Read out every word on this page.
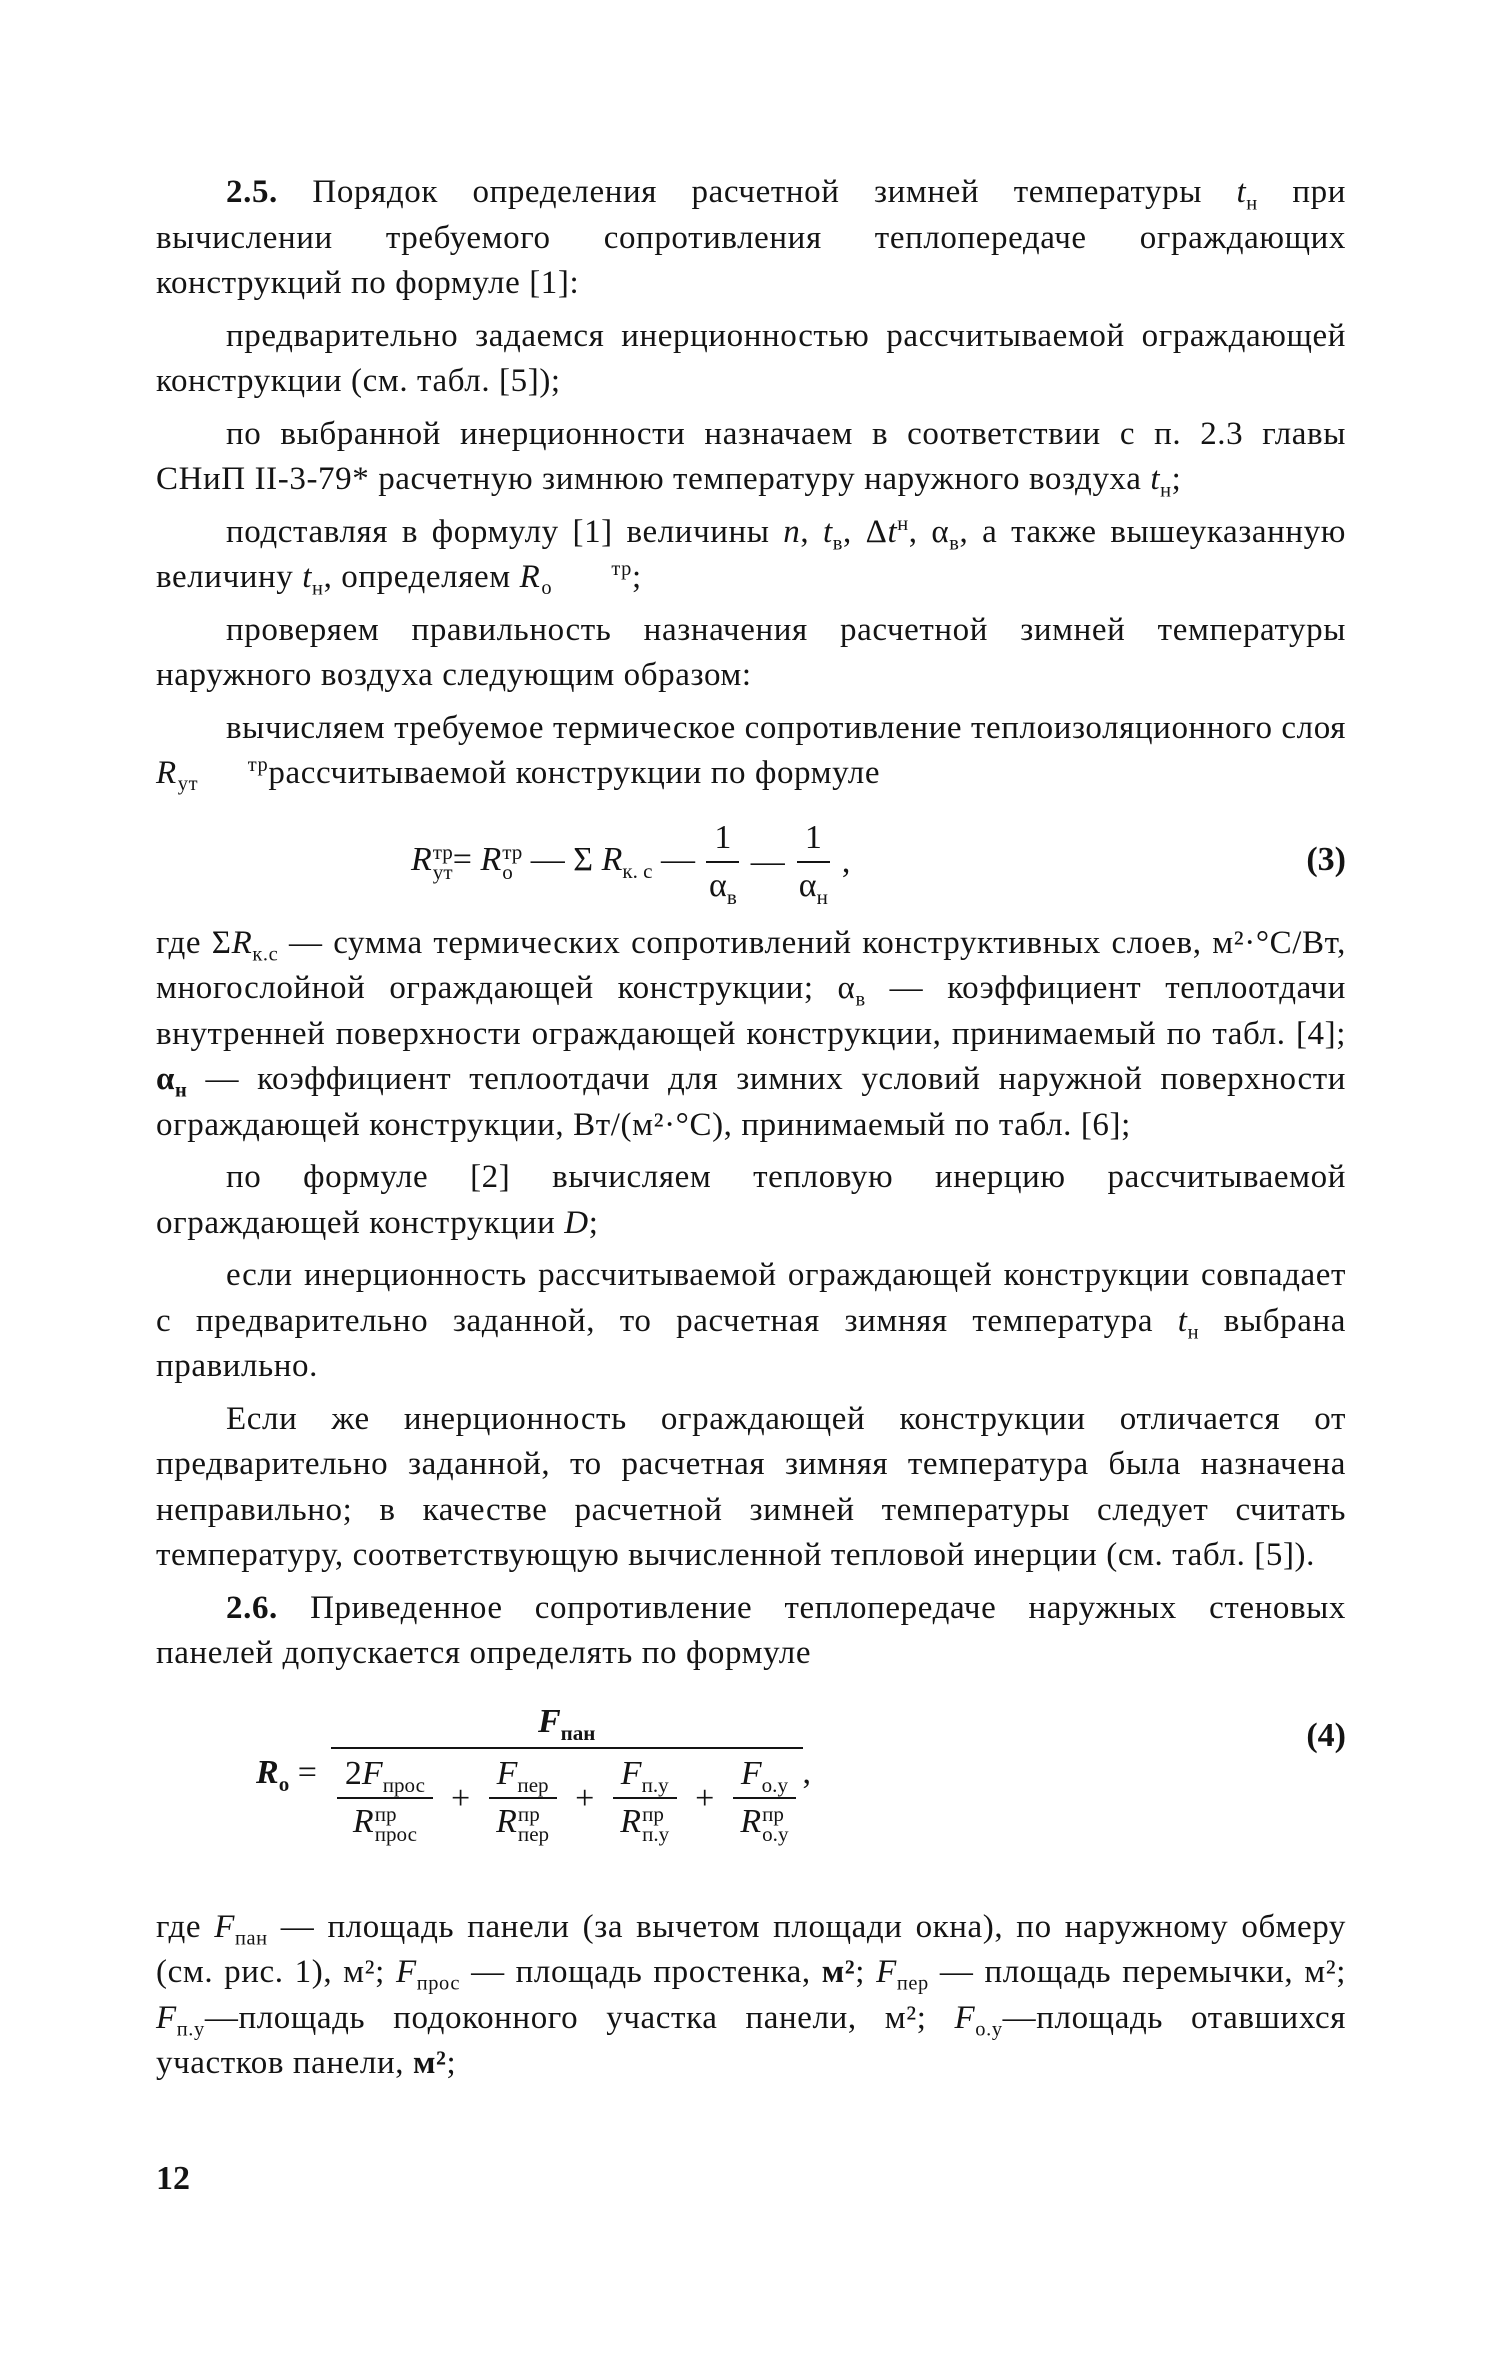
2.5. Порядок определения расчетной зимней температуры $t_н$ при вычислении требуемого сопротивления теплопередаче ограждающих конструкций по формуле [1]:

предварительно задаемся инерционностью рассчитываемой ограждающей конструкции (см. табл. [5]);

по выбранной инерционности назначаем в соответствии с п. 2.3 главы СНиП II-3-79* расчетную зимнюю температуру наружного воздуха $t_н$;

подставляя в формулу [1] величины n, $t_в$, $\Delta t^н$, $\alpha_в$, а также вышеуказанную величину $t_н$, определяем R	тр
о ;

проверяем правильность назначения расчетной зимней температуры наружного воздуха следующим образом:

вычисляем требуемое термическое сопротивление теплоизоляционного слоя R	тр
ут рассчитываемой конструкции по формуле

Rтр
ут= Rтр
о — Σ $R_{к. с}$ — $\frac{1}{\alpha_в}$ — $\frac{1}{\alpha_н}$ ,	(3)

где $\Sigma R_{к.с}$ — сумма термических сопротивлений конструктивных слоев, м²·°С/Вт, многослойной ограждающей конструкции; $\alpha_в$ — коэффициент теплоотдачи внутренней поверхности ограждающей конструкции, принимаемый по табл. [4]; $\alpha_н$ — коэффициент теплоотдачи для зимних условий наружной поверхности ограждающей конструкции, Вт/(м²·°С), принимаемый по табл. [6];

по формуле [2] вычисляем тепловую инерцию рассчитываемой ограждающей конструкции D;

если инерционность рассчитываемой ограждающей конструкции совпадает с предварительно заданной, то расчетная зимняя температура $t_н$ выбрана правильно.

Если же инерционность ограждающей конструкции отличается от предварительно заданной, то расчетная зимняя температура была назначена неправильно; в качестве расчетной зимней температуры следует считать температуру, соответствующую вычисленной тепловой инерции (см. табл. [5]).

2.6. Приведенное сопротивление теплопередаче наружных стеновых панелей допускается определять по формуле

$R_о$ =
$F_{пан}$
$2F_{прос}$
Rпр
прос
+
$F_{пер}$
Rпр
пер
+
$F_{п.у}$
Rпр
п.у
+
$F_{о.у}$
Rпр
о.у
,
(4)

где $F_{пан}$ — площадь панели (за вычетом площади окна), по наружному обмеру (см. рис. 1), м²; $F_{прос}$ — площадь простенка, м²; $F_{пер}$ — площадь перемычки, м²; $F_{п.у}—площадь$ подоконного участка панели, м²; $F_{о.у}—площадь$ отавшихся участков панели, м²;

12
